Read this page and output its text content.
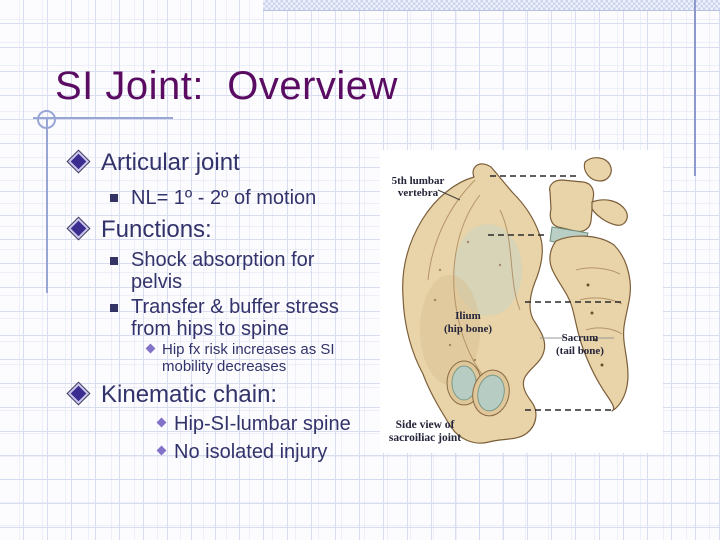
SI Joint:  Overview
Articular joint
NL= 1º - 2º of motion
Functions:
Shock absorption for pelvis
Transfer & buffer stress from hips to spine
Hip fx risk increases as SI mobility decreases
Kinematic chain:
Hip-SI-lumbar spine
No isolated injury
5th lumbar
vertebra
Ilium
(hip bone)
Sacrum
(tail bone)
Side view of
sacroiliac joint
